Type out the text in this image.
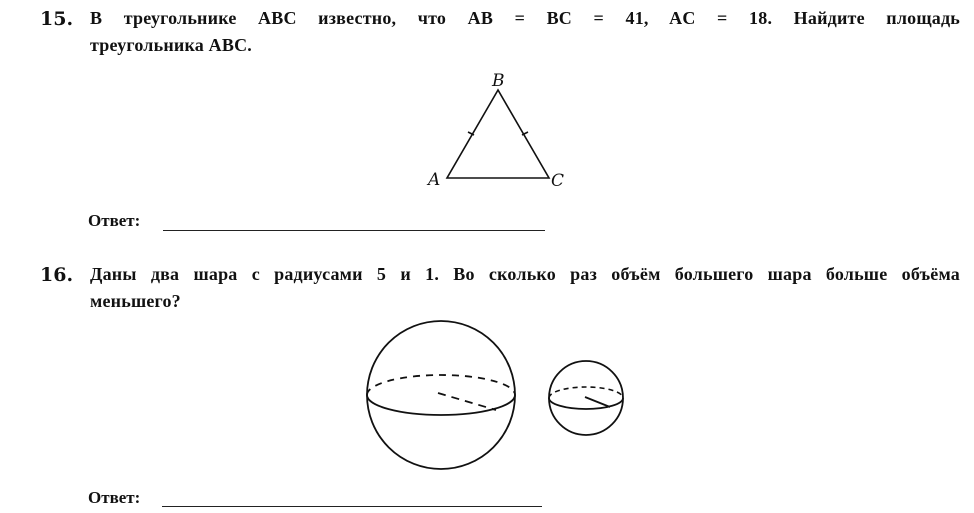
15. В треугольнике ABC известно, что AB = BC = 41, AC = 18. Найдите площадь
треугольника ABC.
B
A	C
Ответ:
16. Даны два шара с радиусами 5 и 1. Во сколько раз объём большего шара больше объёма
меньшего?
Ответ:
